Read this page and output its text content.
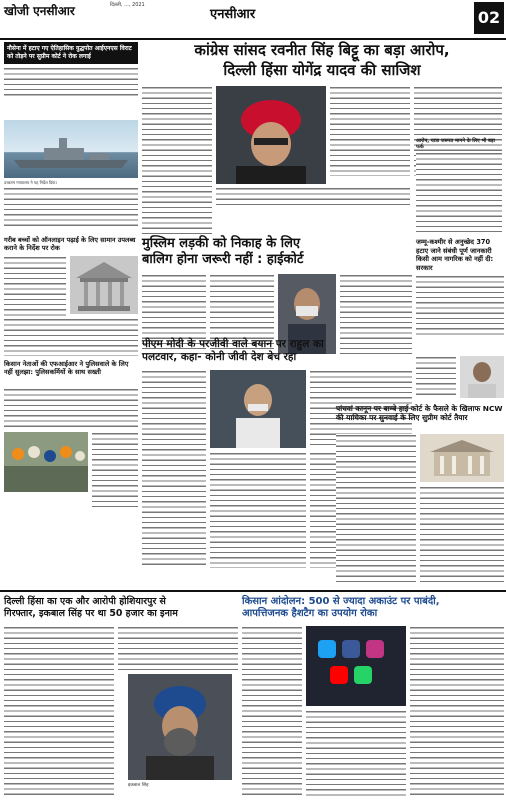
खोजी एनसीआर	दिल्ली, ..., 2021
एनसीआर	02
नौसेना में हटाए गए ऐतिहासिक युद्धपोत आईएनएस विराट को तोड़ने पर सुप्रीम कोर्ट ने रोक लगाई
उच्चतम न्यायालय ने यह निर्देश दिया।
कांग्रेस सांसद रवनीत सिंह बिट्टू का बड़ा आरोप,
दिल्ली हिंसा योगेंद्र यादव की साजिश
आरोप, यात्रा जरूरत मानने के लिए भी बड़ा फर्क
मुस्लिम लड़की को निकाह के लिए
बालिग होना जरूरी नहीं : हाईकोर्ट
जम्मू-कश्मीर से अनुच्छेद 370 हटाए जाने संबंधी पूर्ण जानकारी किसी आम नागरिक को नहीं दी: सरकार
गरीब बच्चों को ऑनलाइन पढ़ाई के लिए सामान उपलब्ध कराने के निर्देश पर रोक
किसान नेताओं की एफआईआर ने पुलिसवाले के लिए नहीं सुलझा: पुलिसकर्मियों के साथ सख्ती
पीएम मोदी के परजीवी वाले बयान पर राहुल का
पलटवार, कहा- कोनी जीवी देश बेच रहा
पांचवां कानून पर बाम्बे हाई कोर्ट के फैसले के खिलाफ NCW की याचिका पर सुनवाई के लिए सुप्रीम कोर्ट तैयार
दिल्ली हिंसा का एक और आरोपी होशियारपुर से
गिरफ्तार, इकबाल सिंह पर था 50 हजार का इनाम
इकबाल सिंह
किसान आंदोलन: 500 से ज्यादा अकाउंट पर पाबंदी,
आपत्तिजनक हैशटैग का उपयोग रोका
